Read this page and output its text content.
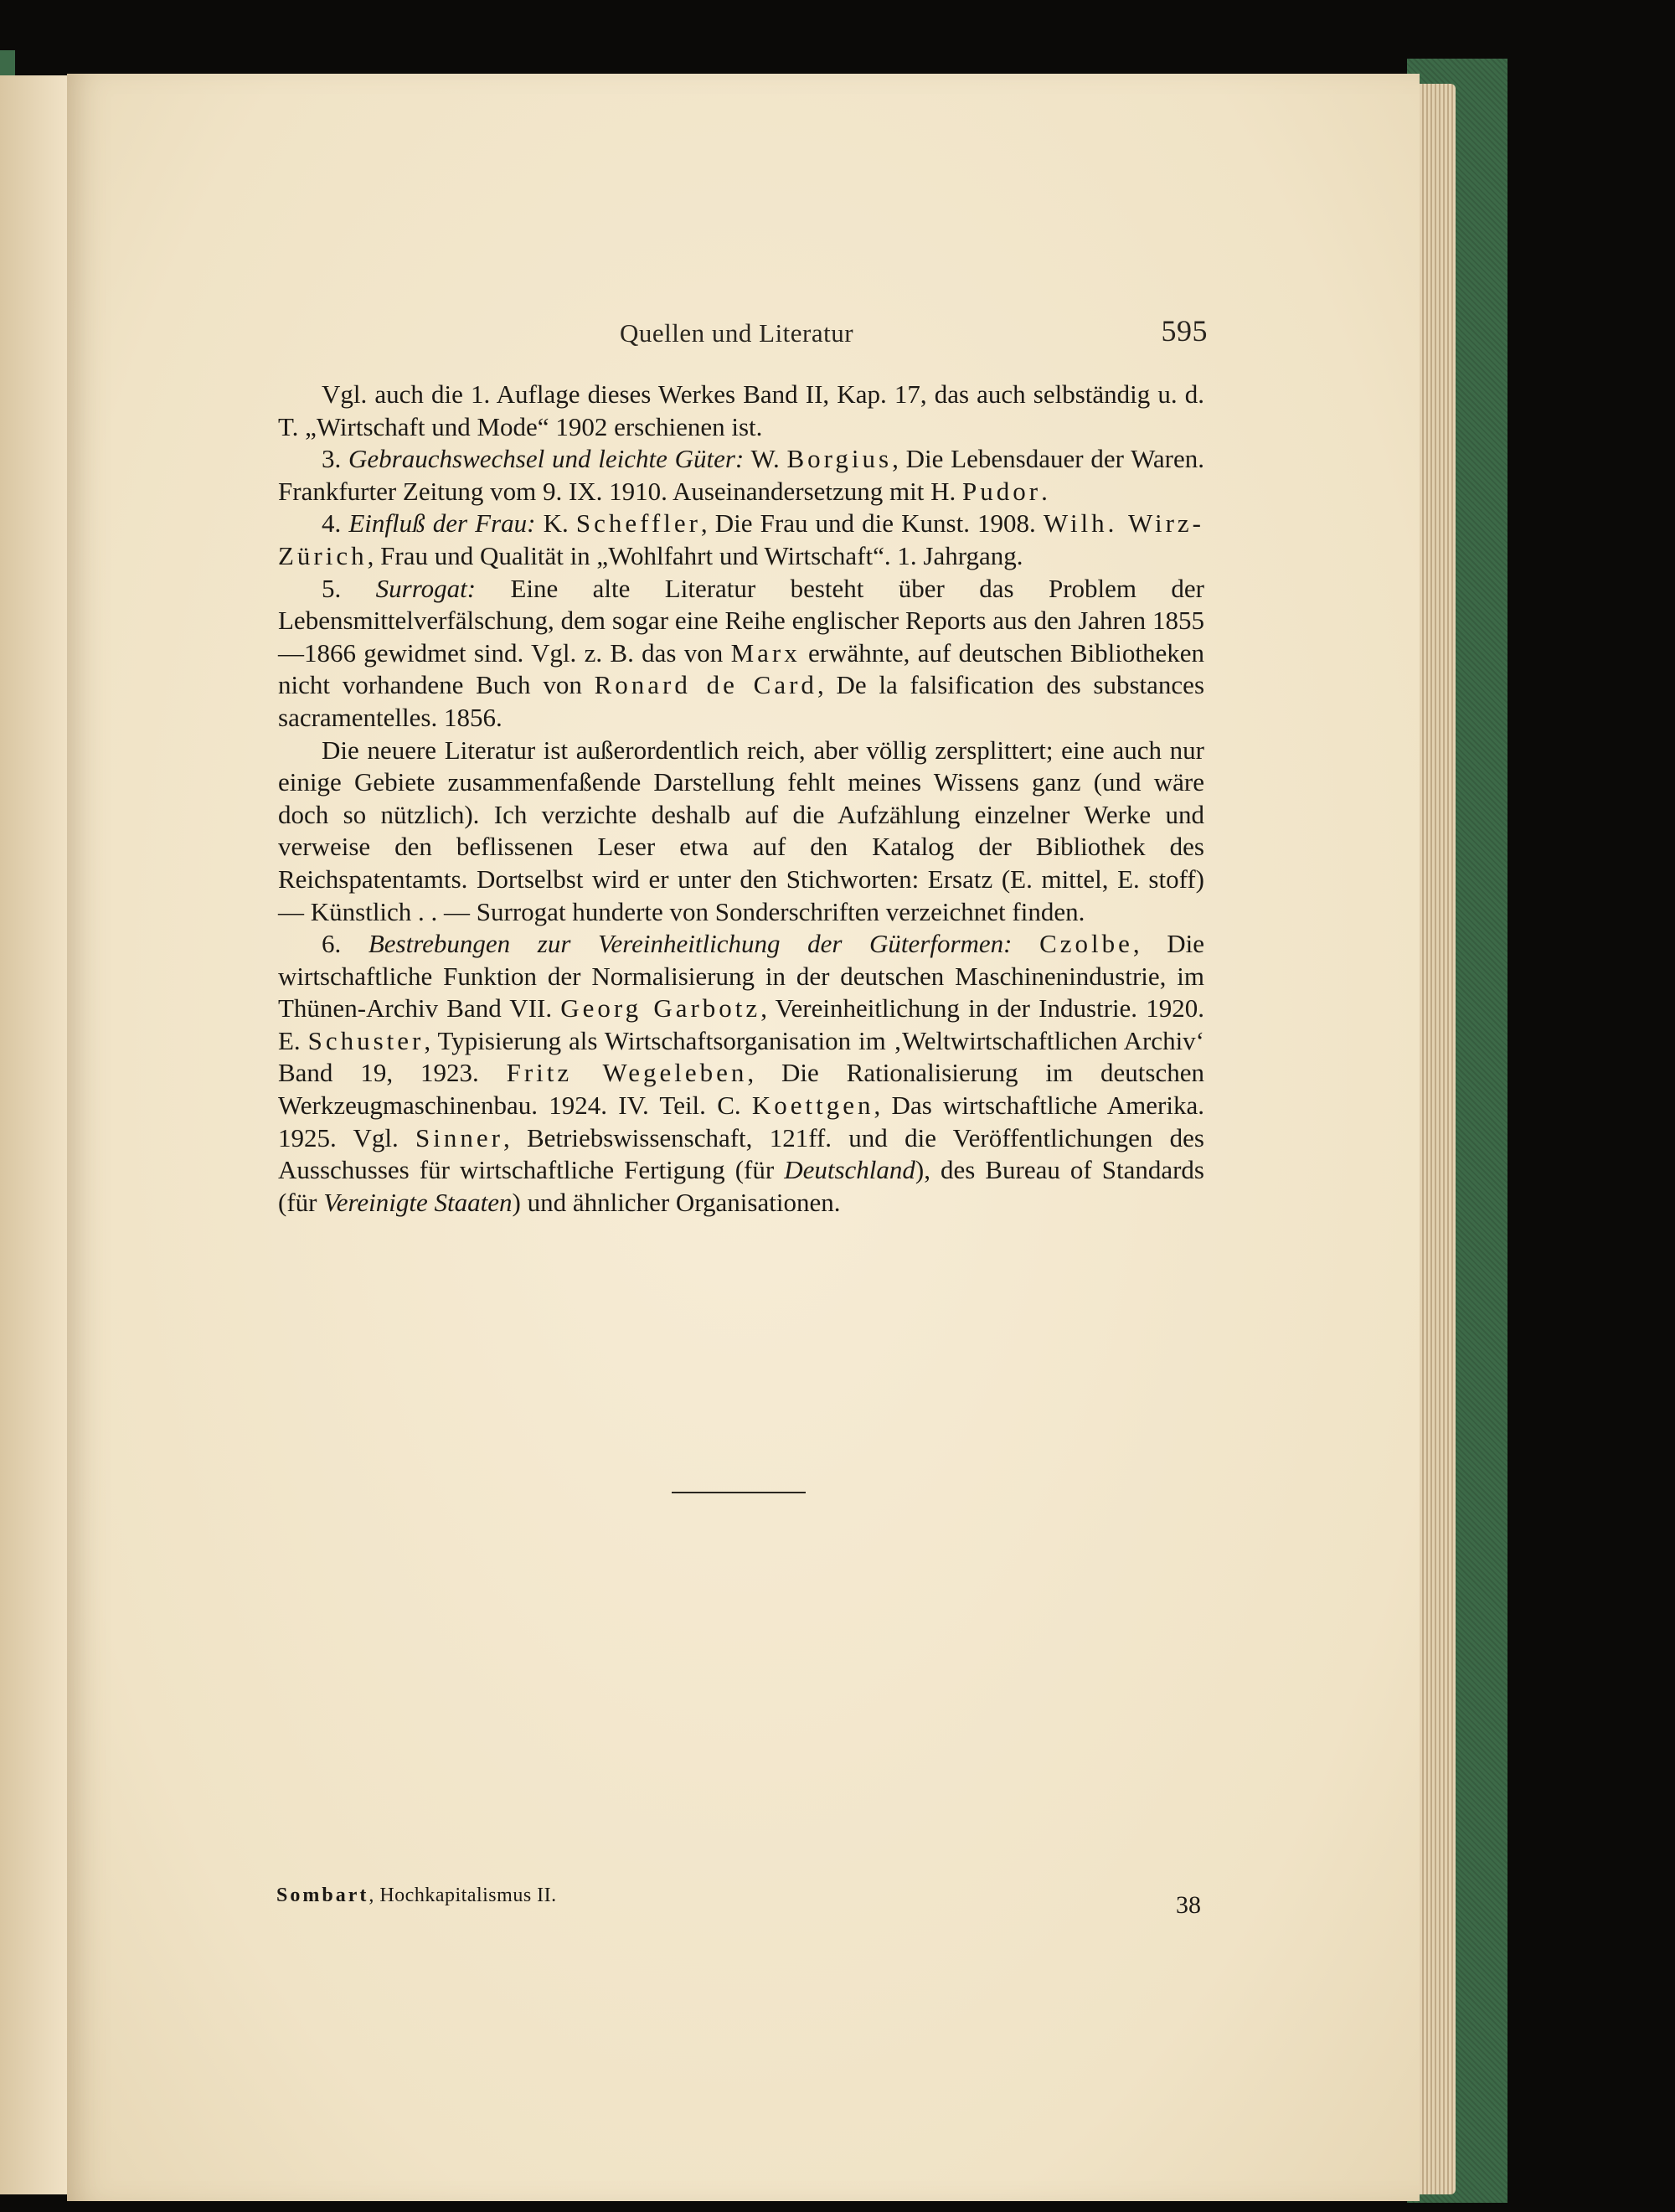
Quellen und Literatur	595

Vgl. auch die 1. Auflage dieses Werkes Band II, Kap. 17, das auch selbständig u. d. T. „Wirtschaft und Mode“ 1902 erschienen ist.

3. Gebrauchswechsel und leichte Güter: W. Borgius, Die Lebensdauer der Waren. Frankfurter Zeitung vom 9. IX. 1910. Auseinandersetzung mit H. Pudor.

4. Einfluß der Frau: K. Scheffler, Die Frau und die Kunst. 1908. Wilh. Wirz-Zürich, Frau und Qualität in „Wohlfahrt und Wirtschaft“. 1. Jahrgang.

5. Surrogat: Eine alte Literatur besteht über das Problem der Lebensmittelverfälschung, dem sogar eine Reihe englischer Reports aus den Jahren 1855—1866 gewidmet sind. Vgl. z. B. das von Marx erwähnte, auf deutschen Bibliotheken nicht vorhandene Buch von Ronard de Card, De la falsification des substances sacramentelles. 1856.

Die neuere Literatur ist außerordentlich reich, aber völlig zersplittert; eine auch nur einige Gebiete zusammenfaßende Darstellung fehlt meines Wissens ganz (und wäre doch so nützlich). Ich verzichte deshalb auf die Aufzählung einzelner Werke und verweise den beflissenen Leser etwa auf den Katalog der Bibliothek des Reichspatentamts. Dortselbst wird er unter den Stichworten: Ersatz (E. mittel, E. stoff) — Künstlich . . — Surrogat hunderte von Sonderschriften verzeichnet finden.

6. Bestrebungen zur Vereinheitlichung der Güterformen: Czolbe, Die wirtschaftliche Funktion der Normalisierung in der deutschen Maschinenindustrie, im Thünen-Archiv Band VII. Georg Garbotz, Vereinheitlichung in der Industrie. 1920. E. Schuster, Typisierung als Wirtschaftsorganisation im ‚Weltwirtschaftlichen Archiv‘ Band 19, 1923. Fritz Wegeleben, Die Rationalisierung im deutschen Werkzeugmaschinenbau. 1924. IV. Teil. C. Koettgen, Das wirtschaftliche Amerika. 1925. Vgl. Sinner, Betriebswissenschaft, 121ff. und die Veröffentlichungen des Ausschusses für wirtschaftliche Fertigung (für Deutschland), des Bureau of Standards (für Vereinigte Staaten) und ähnlicher Organisationen.

Sombart, Hochkapitalismus II.	38
